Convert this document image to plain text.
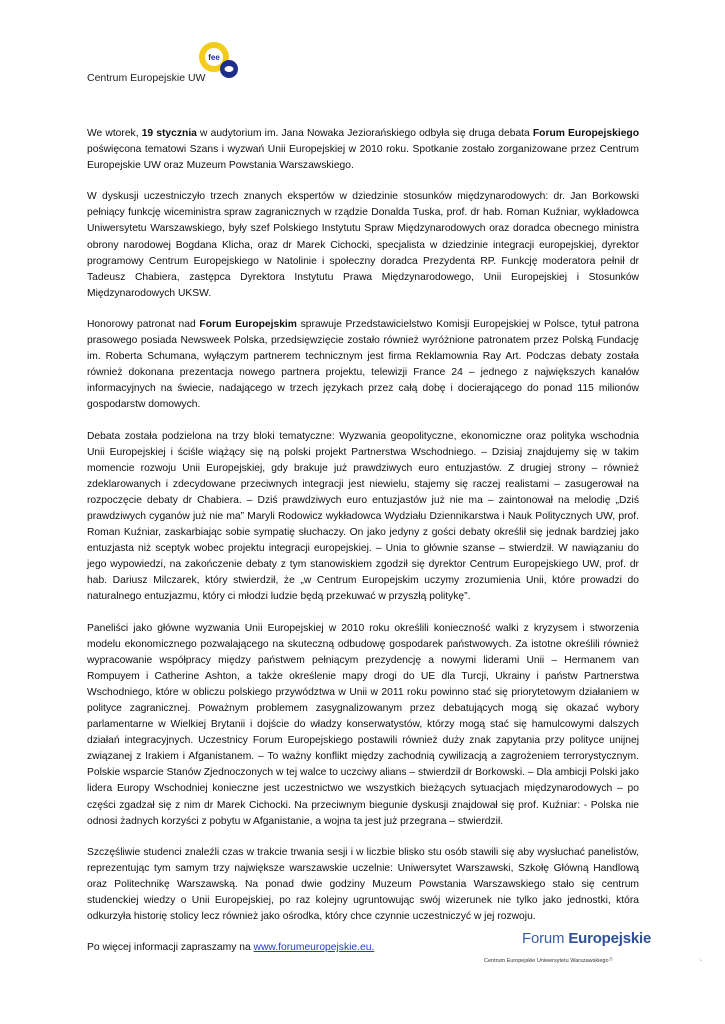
fee
Centrum Europejskie UW

We wtorek, 19 stycznia w audytorium im. Jana Nowaka Jeziorańskiego odbyła się druga debata Forum Europejskiego poświęcona tematowi Szans i wyzwań Unii Europejskiej w 2010 roku. Spotkanie zostało zorganizowane przez Centrum Europejskie UW oraz Muzeum Powstania Warszawskiego.

W dyskusji uczestniczyło trzech znanych ekspertów w dziedzinie stosunków międzynarodowych: dr. Jan Borkowski pełniący funkcję wiceministra spraw zagranicznych w rządzie Donalda Tuska, prof. dr hab. Roman Kuźniar, wykładowca Uniwersytetu Warszawskiego, były szef Polskiego Instytutu Spraw Międzynarodowych oraz doradca obecnego ministra obrony narodowej Bogdana Klicha, oraz dr Marek Cichocki, specjalista w dziedzinie integracji europejskiej, dyrektor programowy Centrum Europejskiego w Natolinie i społeczny doradca Prezydenta RP. Funkcję moderatora pełnił dr Tadeusz Chabiera, zastępca Dyrektora Instytutu Prawa Międzynarodowego, Unii Europejskiej i Stosunków Międzynarodowych UKSW.

Honorowy patronat nad Forum Europejskim sprawuje Przedstawicielstwo Komisji Europejskiej w Polsce, tytuł patrona prasowego posiada Newsweek Polska, przedsięwzięcie zostało również wyróżnione patronatem przez Polską Fundację im. Roberta Schumana, wyłączym partnerem technicznym jest firma Reklamownia Ray Art. Podczas debaty została również dokonana prezentacja nowego partnera projektu, telewizji France 24 – jednego z największych kanałów informacyjnych na świecie, nadającego w trzech językach przez całą dobę i docierającego do ponad 115 milionów gospodarstw domowych.

Debata została podzielona na trzy bloki tematyczne: Wyzwania geopolityczne, ekonomiczne oraz polityka wschodnia Unii Europejskiej i ściśle wiążący się ną polski projekt Partnerstwa Wschodniego. – Dzisiaj znajdujemy się w takim momencie rozwoju Unii Europejskiej, gdy brakuje już prawdziwych euro entuzjastów. Z drugiej strony – również zdeklarowanych i zdecydowane przeciwnych integracji jest niewielu, stajemy się raczej realistami – zasugerował na rozpoczęcie debaty dr Chabiera. – Dziś prawdziwych euro entuzjastów już nie ma – zaintonował na melodię „Dziś prawdziwych cyganów już nie ma” Maryli Rodowicz wykładowca Wydziału Dziennikarstwa i Nauk Politycznych UW, prof. Roman Kuźniar, zaskarbiając sobie sympatię słuchaczy. On jako jedyny z gości debaty określił się jednak bardziej jako entuzjasta niż sceptyk wobec projektu integracji europejskiej. – Unia to głównie szanse – stwierdził. W nawiązaniu do jego wypowiedzi, na zakończenie debaty z tym stanowiskiem zgodził się dyrektor Centrum Europejskiego UW, prof. dr hab. Dariusz Milczarek, który stwierdził, że „w Centrum Europejskim uczymy zrozumienia Unii, które prowadzi do naturalnego entuzjazmu, który ci młodzi ludzie będą przekuwać w przyszłą politykę”.

Paneliści jako główne wyzwania Unii Europejskiej w 2010 roku określili konieczność walki z kryzysem i stworzenia modelu ekonomicznego pozwalającego na skuteczną odbudowę gospodarek państwowych. Za istotne określili również wypracowanie współpracy między państwem pełniącym prezydencję a nowymi liderami Unii – Hermanem van Rompuyem i Catherine Ashton, a także określenie mapy drogi do UE dla Turcji, Ukrainy i państw Partnerstwa Wschodniego, które w obliczu polskiego przywództwa w Unii w 2011 roku powinno stać się priorytetowym działaniem w polityce zagranicznej. Poważnym problemem zasygnalizowanym przez debatujących mogą się okazać wybory parlamentarne w Wielkiej Brytanii i dojście do władzy konserwatystów, którzy mogą stać się hamulcowymi dalszych działań integracyjnych. Uczestnicy Forum Europejskiego postawili również duży znak zapytania przy polityce unijnej związanej z Irakiem i Afganistanem. – To ważny konflikt między zachodnią cywilizacją a zagrożeniem terrorystycznym. Polskie wsparcie Stanów Zjednoczonych w tej walce to uczciwy alians – stwierdził dr Borkowski. – Dla ambicji Polski jako lidera Europy Wschodniej konieczne jest uczestnictwo we wszystkich bieżących sytuacjach międzynarodowych – po części zgadzał się z nim dr Marek Cichocki. Na przeciwnym biegunie dyskusji znajdował się prof. Kuźniar: - Polska nie odnosi żadnych korzyści z pobytu w Afganistanie, a wojna ta jest już przegrana – stwierdził.

Szczęśliwie studenci znaleźli czas w trakcie trwania sesji i w liczbie blisko stu osób stawili się aby wysłuchać panelistów, reprezentując tym samym trzy największe warszawskie uczelnie: Uniwersytet Warszawski, Szkołę Główną Handlową oraz Politechnikę Warszawską. Na ponad dwie godziny Muzeum Powstania Warszawskiego stało się centrum studenckiej wiedzy o Unii Europejskiej, po raz kolejny ugruntowując swój wizerunek nie tylko jako jednostki, która odkurzyła historię stolicy lecz również jako ośrodka, który chce czynnie uczestniczyć w jej rozwoju.

Po więcej informacji zapraszamy na www.forumeuropejskie.eu.

Forum Europejskie
Centrum Europejskie Uniwersytetu Warszawskiego ®	•
